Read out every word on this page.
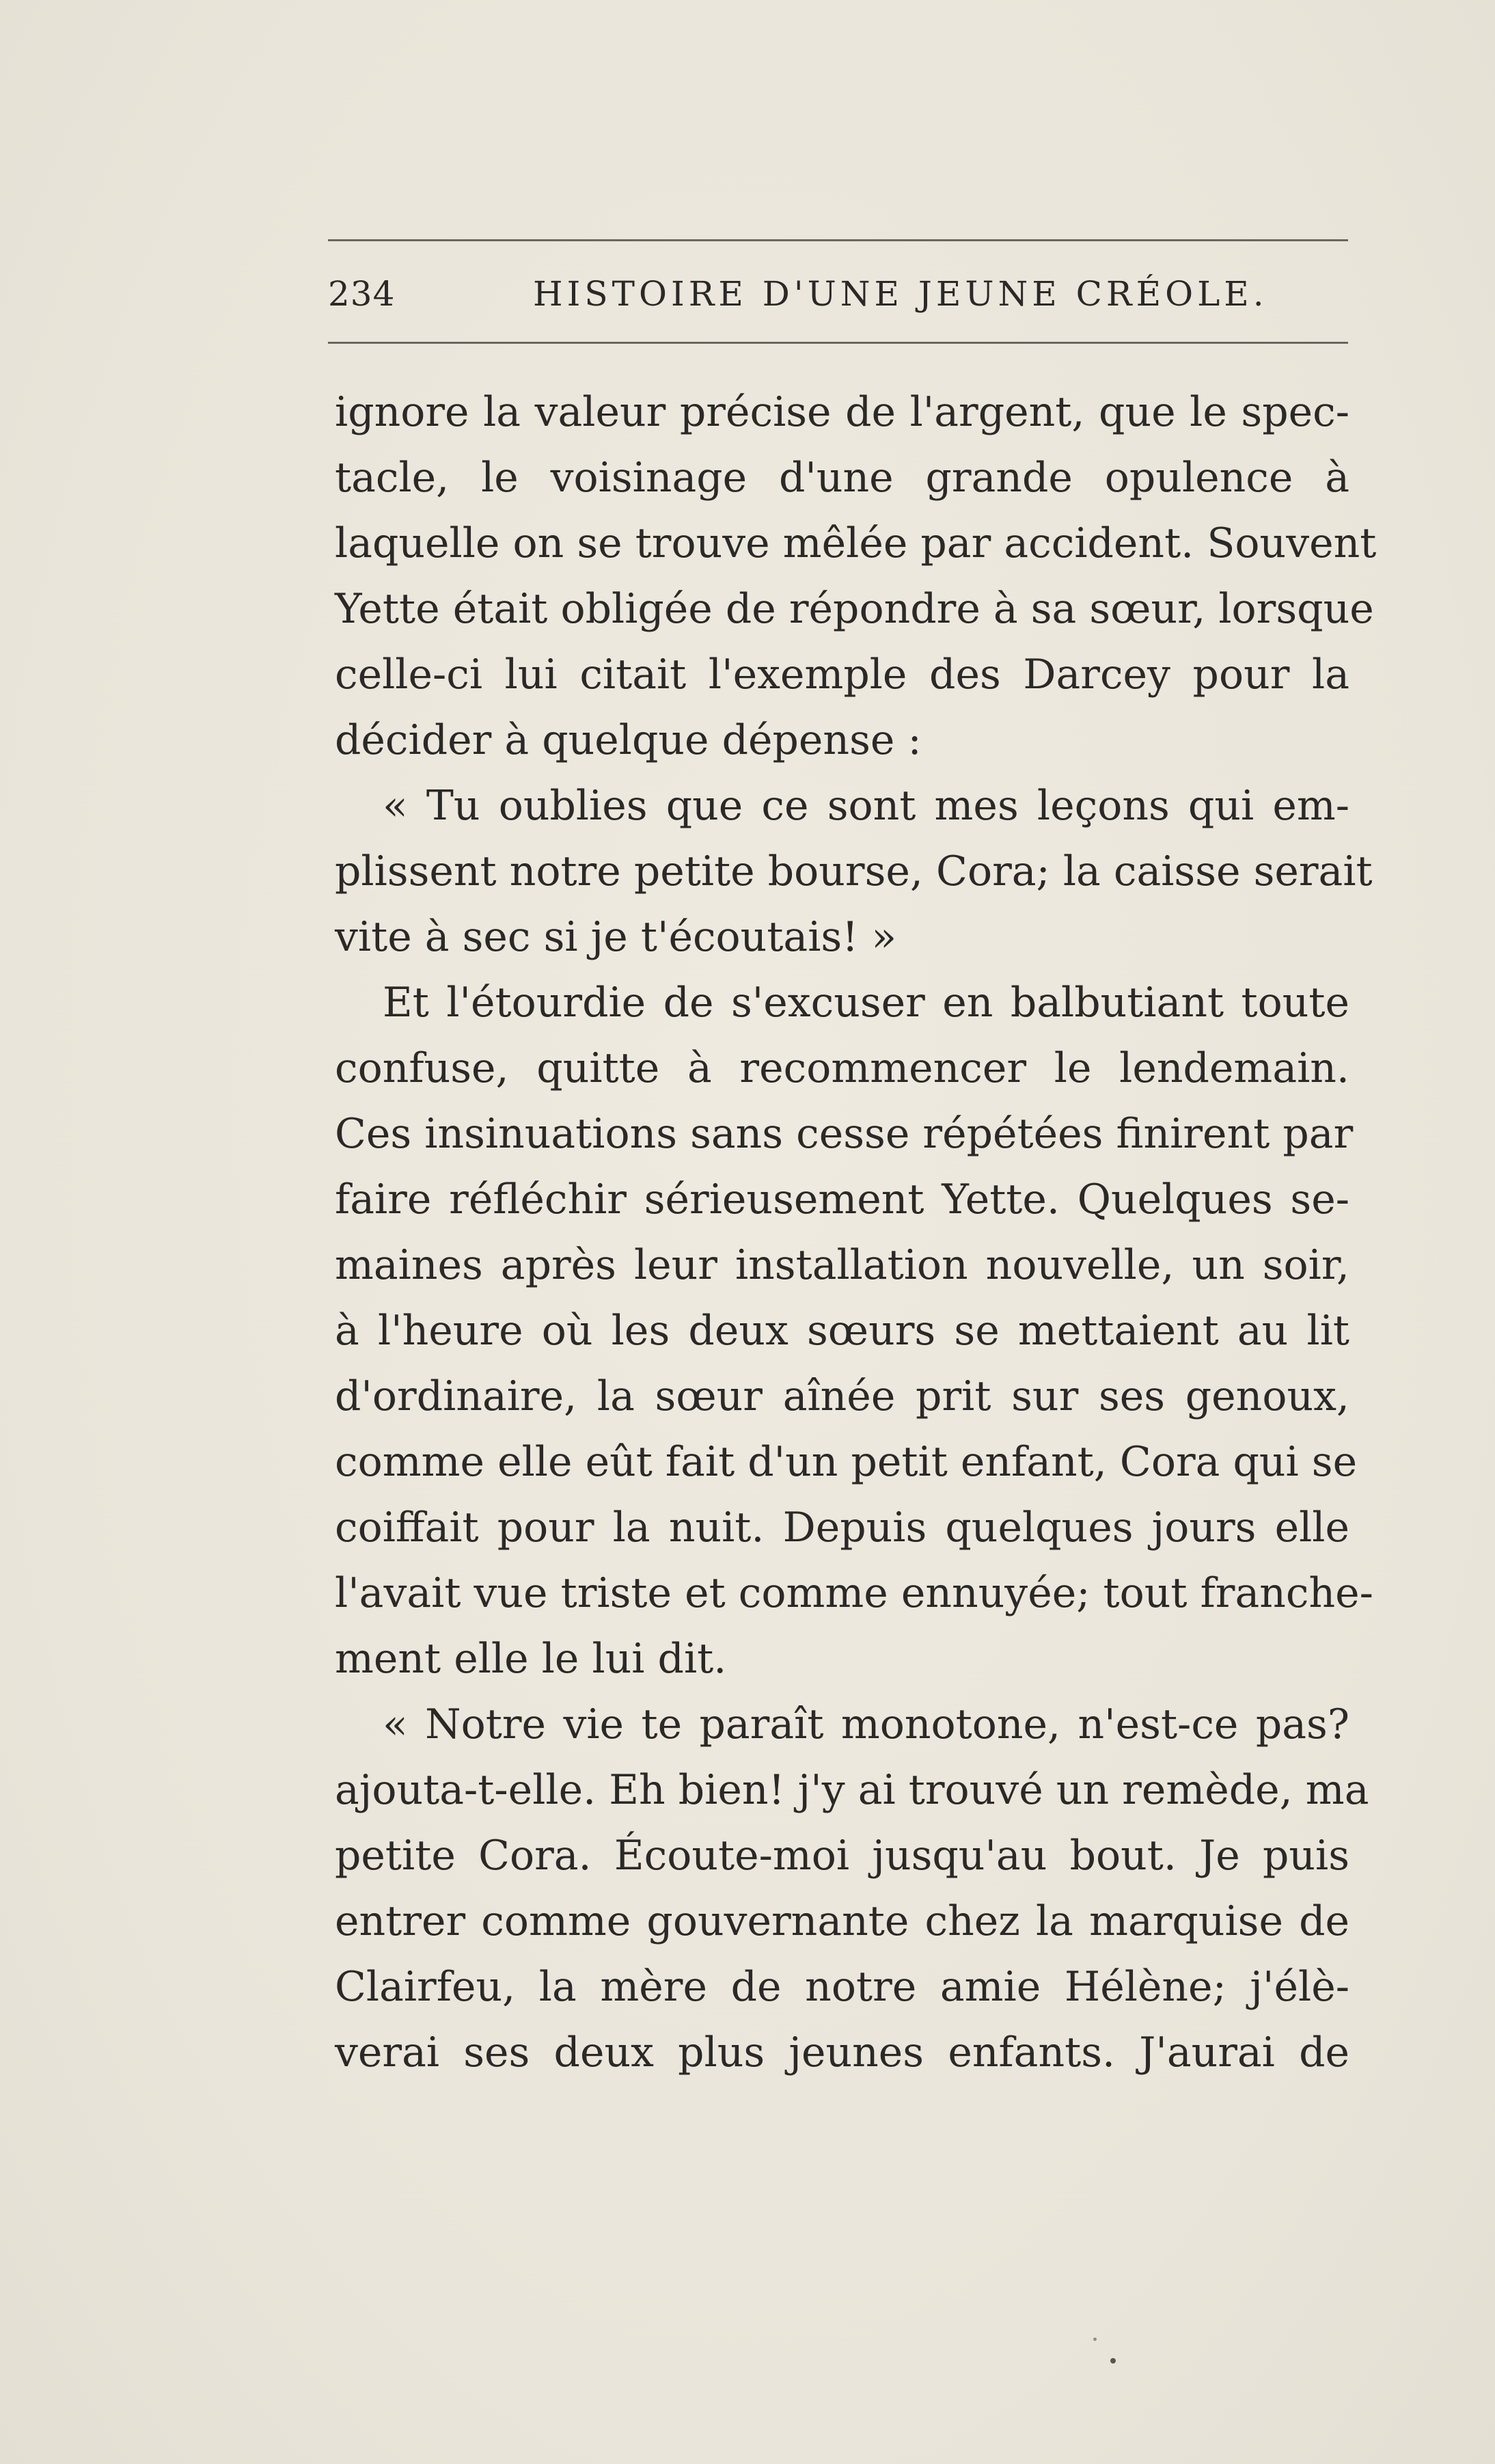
234	HISTOIRE D'UNE JEUNE CRÉOLE.
ignore la valeur précise de l'argent, que le spec-
tacle, le voisinage d'une grande opulence à
laquelle on se trouve mêlée par accident. Souvent
Yette était obligée de répondre à sa sœur, lorsque
celle-ci lui citait l'exemple des Darcey pour la
décider à quelque dépense :
« Tu oublies que ce sont mes leçons qui em-
plissent notre petite bourse, Cora; la caisse serait
vite à sec si je t'écoutais! »
Et l'étourdie de s'excuser en balbutiant toute
confuse, quitte à recommencer le lendemain.
Ces insinuations sans cesse répétées finirent par
faire réfléchir sérieusement Yette. Quelques se-
maines après leur installation nouvelle, un soir,
à l'heure où les deux sœurs se mettaient au lit
d'ordinaire, la sœur aînée prit sur ses genoux,
comme elle eût fait d'un petit enfant, Cora qui se
coiffait pour la nuit. Depuis quelques jours elle
l'avait vue triste et comme ennuyée; tout franche-
ment elle le lui dit.
« Notre vie te paraît monotone, n'est-ce pas?
ajouta-t-elle. Eh bien! j'y ai trouvé un remède, ma
petite Cora. Écoute-moi jusqu'au bout. Je puis
entrer comme gouvernante chez la marquise de
Clairfeu, la mère de notre amie Hélène; j'élè-
verai ses deux plus jeunes enfants. J'aurai de
